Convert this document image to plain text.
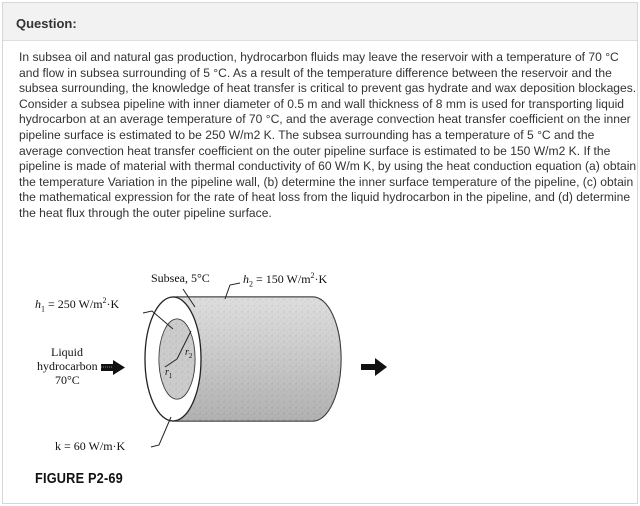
Question:
In subsea oil and natural gas production, hydrocarbon fluids may leave the reservoir with a temperature of 70 °C and flow in subsea surrounding of 5 °C. As a result of the temperature difference between the reservoir and the subsea surrounding, the knowledge of heat transfer is critical to prevent gas hydrate and wax deposition blockages. Consider a subsea pipeline with inner diameter of 0.5 m and wall thickness of 8 mm is used for transporting liquid hydrocarbon at an average temperature of 70 °C, and the average convection heat transfer coefficient on the inner pipeline surface is estimated to be 250 W/m2 K. The subsea surrounding has a temperature of 5 °C and the average convection heat transfer coefficient on the outer pipeline surface is estimated to be 150 W/m2 K. If the pipeline is made of material with thermal conductivity of 60 W/m K, by using the heat conduction equation (a) obtain the temperature Variation in the pipeline wall, (b) determine the inner surface temperature of the pipeline, (c) obtain the mathematical expression for the rate of heat loss from the liquid hydrocarbon in the pipeline, and (d) determine the heat flux through the outer pipeline surface.
$h_1 = 250$ $W/m^2\cdot K$
Subsea, 5°C	$h_2 = 150$ $W/m^2\cdot K$
Liquid
hydrocarbon
70°C
k = 60 W/m·K
$r_2$
$r_1$
FIGURE P2-69
